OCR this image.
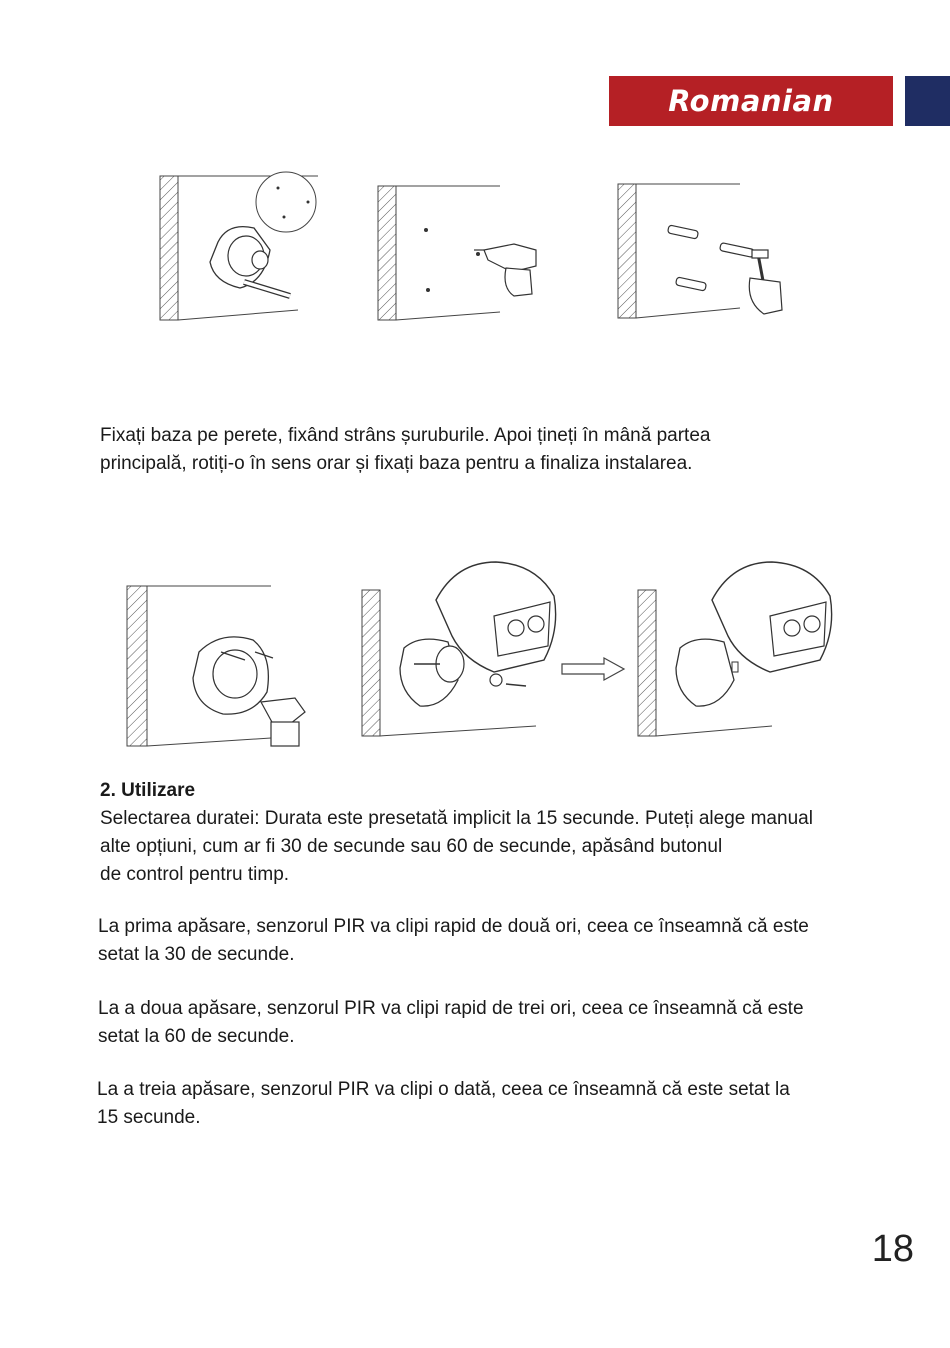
Romanian

Fixați baza pe perete, fixând strâns șuruburile. Apoi țineți în mână partea
principală, rotiți-o în sens orar și fixați baza pentru a finaliza instalarea.

2. Utilizare
Selectarea duratei: Durata este presetată implicit la 15 secunde. Puteți alege manual
alte opțiuni, cum ar fi 30 de secunde sau 60 de secunde, apăsând butonul
de control pentru timp.

La prima apăsare, senzorul PIR va clipi rapid de două ori, ceea ce înseamnă că este
setat la 30 de secunde.

La a doua apăsare, senzorul PIR va clipi rapid de trei ori, ceea ce înseamnă că este
setat la 60 de secunde.

La a treia apăsare, senzorul PIR va clipi o dată, ceea ce înseamnă că este setat la
15 secunde.

18
